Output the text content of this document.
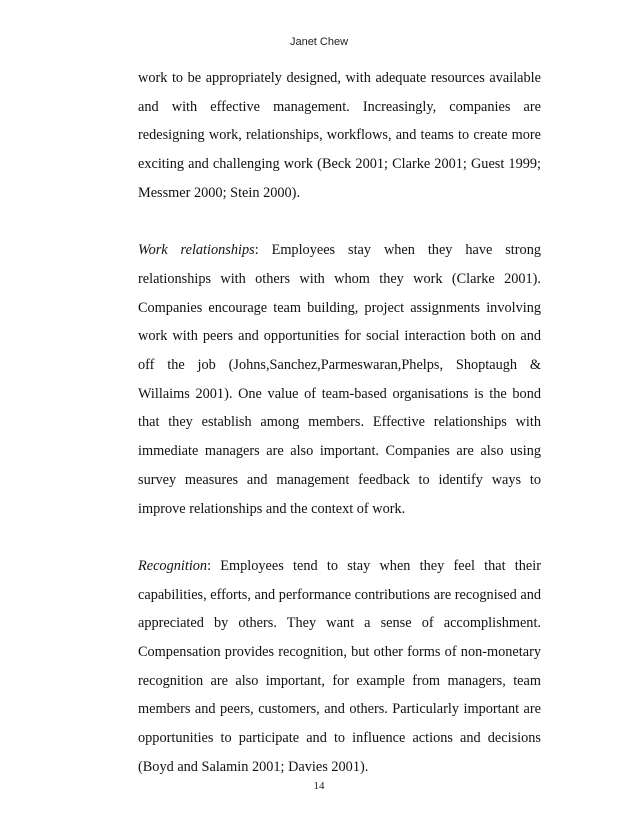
Janet Chew

work to be appropriately designed, with adequate resources available and with effective management. Increasingly, companies are redesigning work, relationships, workflows, and teams to create more exciting and challenging work (Beck 2001; Clarke 2001; Guest 1999; Messmer 2000; Stein 2000).

Work relationships: Employees stay when they have strong relationships with others with whom they work (Clarke 2001). Companies encourage team building, project assignments involving work with peers and opportunities for social interaction both on and off the job (Johns,Sanchez,Parmeswaran,Phelps, Shoptaugh & Willaims 2001). One value of team-based organisations is the bond that they establish among members. Effective relationships with immediate managers are also important. Companies are also using survey measures and management feedback to identify ways to improve relationships and the context of work.

Recognition: Employees tend to stay when they feel that their capabilities, efforts, and performance contributions are recognised and appreciated by others. They want a sense of accomplishment. Compensation provides recognition, but other forms of non-monetary recognition are also important, for example from managers, team members and peers, customers, and others. Particularly important are opportunities to participate and to influence actions and decisions (Boyd and Salamin 2001; Davies 2001).

14
